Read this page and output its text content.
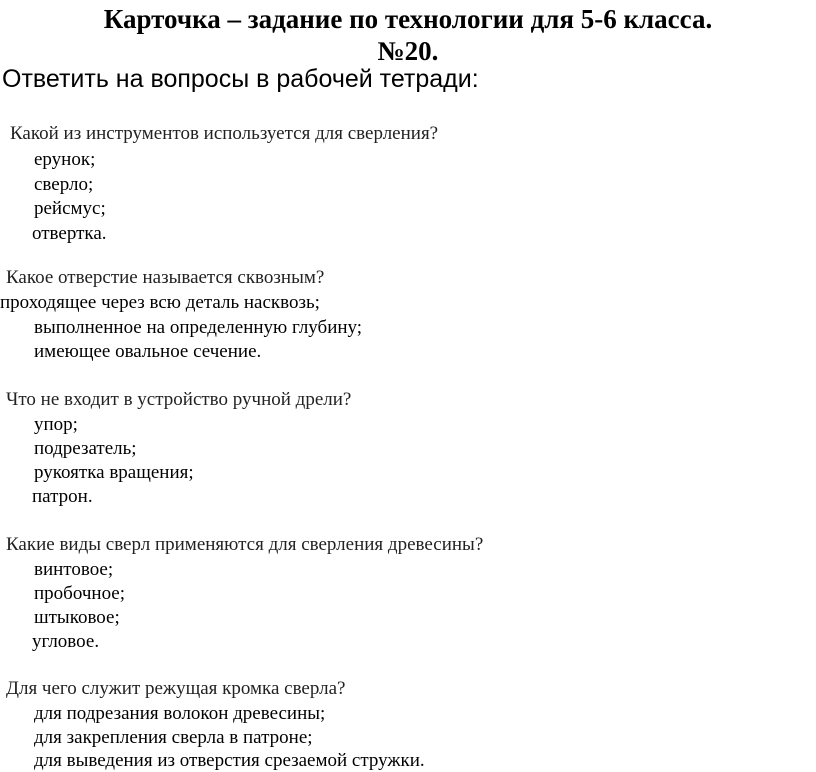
Карточка – задание по технологии для 5-6 класса.
№20.

Ответить на вопросы в рабочей тетради:

Какой из инструментов используется для сверления?

ерунок;

сверло;

рейсмус;

отвертка.

Какое отверстие называется сквозным?

проходящее через всю деталь насквозь;

выполненное на определенную глубину;

имеющее овальное сечение.

Что не входит в устройство ручной дрели?

упор;

подрезатель;

рукоятка вращения;

патрон.

Какие виды сверл применяются для сверления древесины?

винтовое;

пробочное;

штыковое;

угловое.

Для чего служит режущая кромка сверла?

для подрезания волокон древесины;

для закрепления сверла в патроне;

для выведения из отверстия срезаемой стружки.
